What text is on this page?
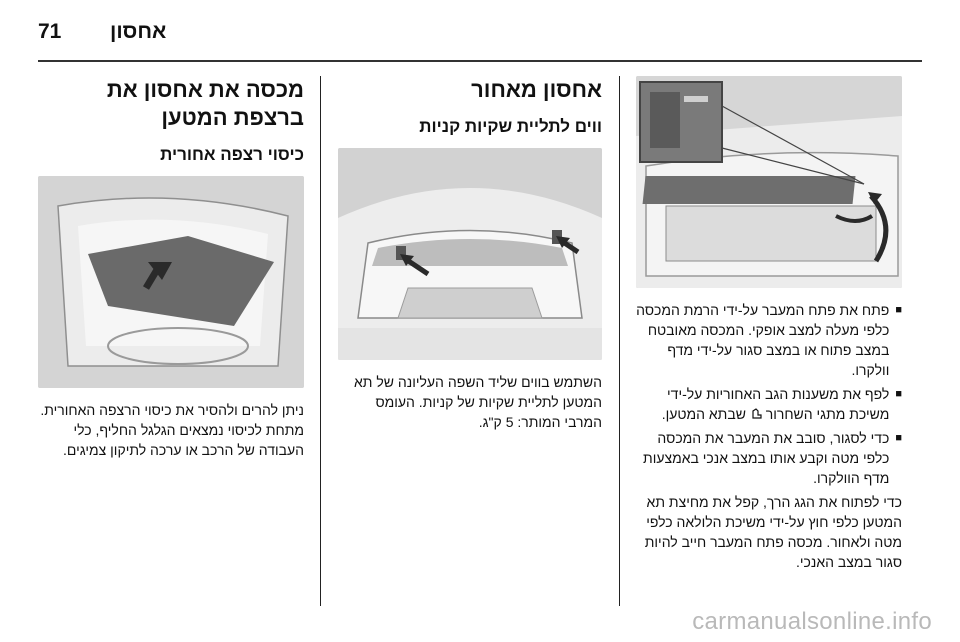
71 אחסון
■
פתח את פתח המעבר על-ידי הרמת המכסה כלפי מעלה למצב אופקי. המכסה מאובטח במצב פתוח או במצב סגור על-ידי מדף וולקרו.
■
לפף את משענות הגב האחוריות על-ידי משיכת מתגי השחרור  שבתא המטען.
■
כדי לסגור, סובב את המעבר את המכסה כלפי מטה וקבע אותו במצב אנכי באמצעות מדף הוולקרו.

כדי לפתוח את הגג הרך, קפל את מחיצת תא המטען כלפי חוץ על-ידי משיכת הלולאה כלפי מטה ולאחור. מכסה פתח המעבר חייב להיות סגור במצב האנכי.

אחסון מאחור
ווים לתליית שקיות קניות

השתמש בווים שליד השפה העליונה של תא המטען לתליית שקיות של קניות. העומס המרבי המותר: 5 ק"ג.

מכסה את אחסון את ברצפת המטען
כיסוי רצפה אחורית

ניתן להרים ולהסיר את כיסוי הרצפה האחורית. מתחת לכיסוי נמצאים הגלגל החליף, כלי העבודה של הרכב או ערכה לתיקון צמיגים.

carmanualsonline.info
